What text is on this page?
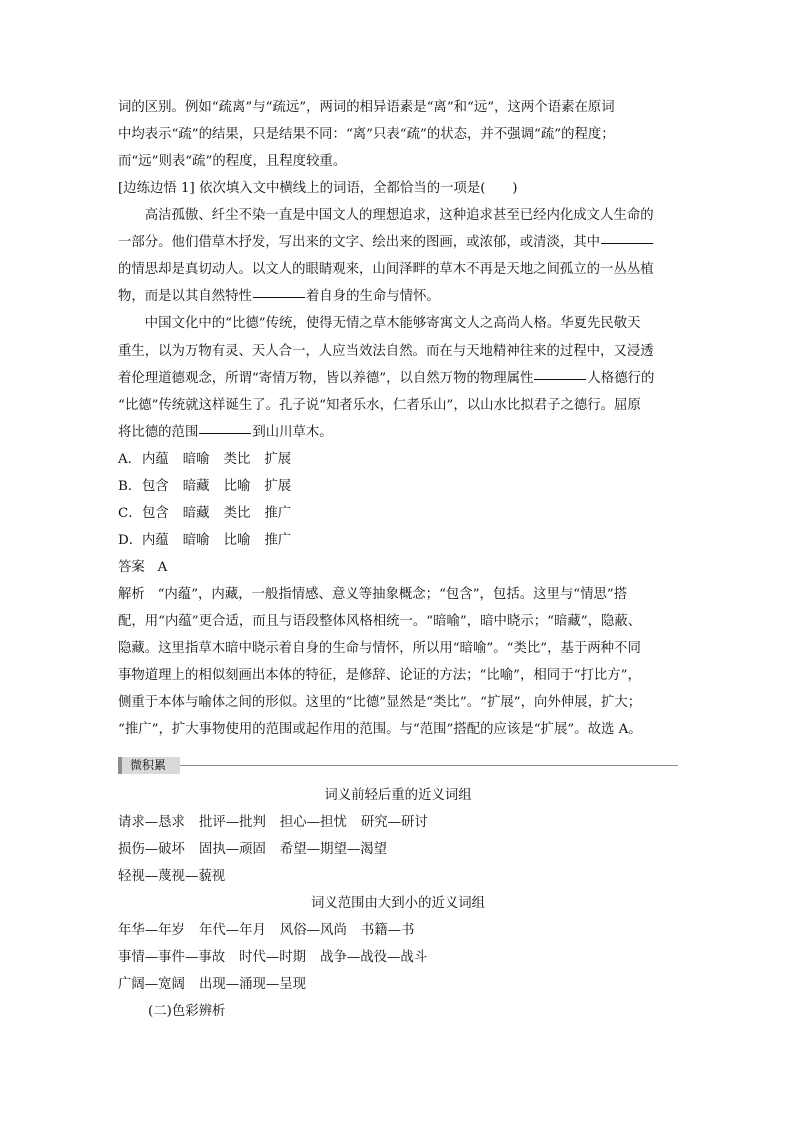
词的区别。例如“疏离”与“疏远”，两词的相异语素是“离”和“远”，这两个语素在原词

中均表示“疏”的结果，只是结果不同：“离”只表“疏”的状态，并不强调“疏”的程度；

而“远”则表“疏”的程度，且程度较重。

[边练边悟 1] 依次填入文中横线上的词语，全都恰当的一项是(　　)

高洁孤傲、纤尘不染一直是中国文人的理想追求，这种追求甚至已经内化成文人生命的

一部分。他们借草木抒发，写出来的文字、绘出来的图画，或浓郁，或清淡，其中

的情思却是真切动人。以文人的眼睛观来，山间泽畔的草木不再是天地之间孤立的一丛丛植

物，而是以其自然特性	着自身的生命与情怀。

中国文化中的“比德”传统，使得无情之草木能够寄寓文人之高尚人格。华夏先民敬天

重生，以为万物有灵、天人合一，人应当效法自然。而在与天地精神往来的过程中，又浸透

着伦理道德观念，所谓“寄情万物，皆以养德”，以自然万物的物理属性	人格德行的

“比德”传统就这样诞生了。孔子说“知者乐水，仁者乐山”，以山水比拟君子之德行。屈原

将比德的范围	到山川草木。

A．内蕴 暗喻 类比 扩展

B．包含 暗藏 比喻 扩展

C．包含 暗藏 类比 推广

D．内蕴 暗喻 比喻 推广

答案 A

解析 “内蕴”，内藏，一般指情感、意义等抽象概念；“包含”，包括。这里与“情思”搭

配，用“内蕴”更合适，而且与语段整体风格相统一。“暗喻”，暗中晓示；“暗藏”，隐蔽、

隐藏。这里指草木暗中晓示着自身的生命与情怀，所以用“暗喻”。“类比”，基于两种不同

事物道理上的相似刻画出本体的特征，是修辞、论证的方法；“比喻”，相同于“打比方”，

侧重于本体与喻体之间的形似。这里的“比德”显然是“类比”。“扩展”，向外伸展，扩大；

“推广”，扩大事物使用的范围或起作用的范围。与“范围”搭配的应该是“扩展”。故选 A。

微积累

词义前轻后重的近义词组

请求—恳求 批评—批判 担心—担忧 研究—研讨

损伤—破坏 固执—顽固 希望—期望—渴望

轻视—蔑视—藐视

词义范围由大到小的近义词组

年华—年岁 年代—年月 风俗—风尚 书籍—书

事情—事件—事故 时代—时期 战争—战役—战斗

广阔—宽阔 出现—涌现—呈现

(二)色彩辨析
